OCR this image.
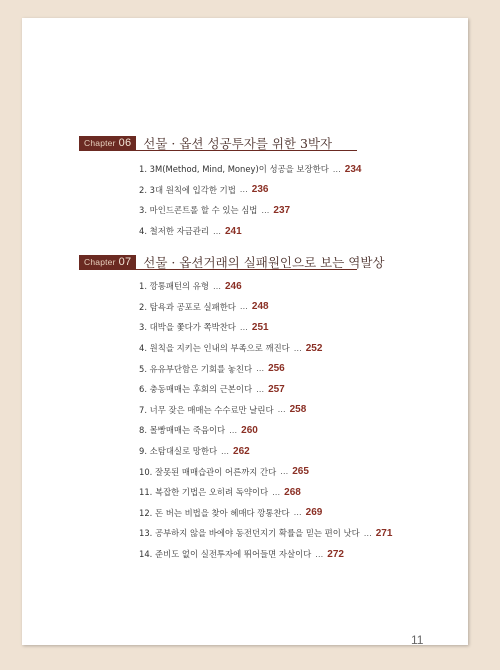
Chapter 06 선물 · 옵션 성공투자를 위한 3박자
1. 3M(Method, Mind, Money)이 성공을 보장한다 … 234
2. 3대 원칙에 입각한 기법 … 236
3. 마인드콘트롤 할 수 있는 심법 … 237
4. 철저한 자금관리 … 241
Chapter 07 선물 · 옵션거래의 실패원인으로 보는 역발상
1. 깡통패턴의 유형 … 246
2. 탐욕과 공포로 실패한다 … 248
3. 대박을 쫓다가 쪽박찬다 … 251
4. 원칙을 지키는 인내의 부족으로 깨진다 … 252
5. 유유부단함은 기회를 놓친다 … 256
6. 충동매매는 후회의 근본이다 … 257
7. 너무 잦은 매매는 수수료만 날린다 … 258
8. 몰빵매매는 죽음이다 … 260
9. 소탐대실로 망한다 … 262
10. 잘못된 매매습관이 어른까지 간다 … 265
11. 복잡한 기법은 오히려 독약이다 … 268
12. 돈 버는 비법을 찾아 헤매다 깡통찬다 … 269
13. 공부하지 않을 바에야 동전던지기 확률을 믿는 편이 낫다 … 271
14. 준비도 없이 실전투자에 뛰어들면 자살이다 … 272
11
